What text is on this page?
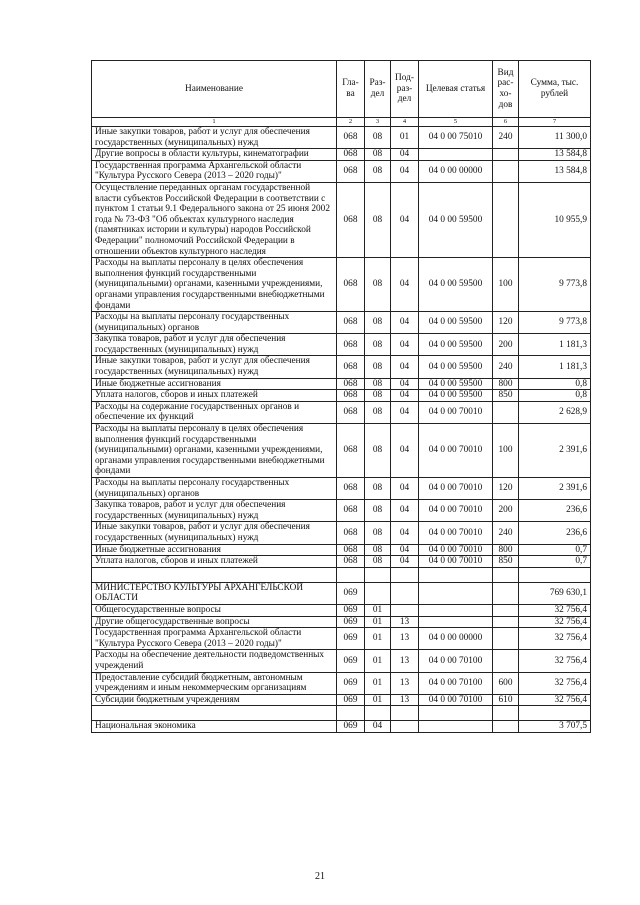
Наименование	Гла- ва	Раз- дел	Под- раз- дел	Целевая статья	Вид рас- хо- дов	Сумма, тыс. рублей
1	2	3	4	5	6	7
Иные закупки товаров, работ и услуг для обеспечения государственных (муниципальных) нужд	068	08	01	04 0 00 75010	240	11 300,0
Другие вопросы в области культуры, кинематографии	068	08	04			13 584,8
Государственная программа Архангельской области "Культура Русского Севера (2013 – 2020 годы)"	068	08	04	04 0 00 00000		13 584,8
Осуществление переданных органам государственной власти субъектов Российской Федерации в соответствии с пунктом 1 статьи 9.1 Федерального закона от 25 июня 2002 года № 73-ФЗ "Об объектах культурного наследия (памятниках истории и культуры) народов Российской Федерации" полномочий Российской Федерации в отношении объектов культурного наследия	068	08	04	04 0 00 59500		10 955,9
Расходы на выплаты персоналу в целях обеспечения выполнения функций государственными (муниципальными) органами, казенными учреждениями, органами управления государственными внебюджетными фондами	068	08	04	04 0 00 59500	100	9 773,8
Расходы на выплаты персоналу государственных (муниципальных) органов	068	08	04	04 0 00 59500	120	9 773,8
Закупка товаров, работ и услуг для обеспечения государственных (муниципальных) нужд	068	08	04	04 0 00 59500	200	1 181,3
Иные закупки товаров, работ и услуг для обеспечения государственных (муниципальных) нужд	068	08	04	04 0 00 59500	240	1 181,3
Иные бюджетные ассигнования	068	08	04	04 0 00 59500	800	0,8
Уплата налогов, сборов и иных платежей	068	08	04	04 0 00 59500	850	0,8
Расходы на содержание государственных органов и обеспечение их функций	068	08	04	04 0 00 70010		2 628,9
Расходы на выплаты персоналу в целях обеспечения выполнения функций государственными (муниципальными) органами, казенными учреждениями, органами управления государственными внебюджетными фондами	068	08	04	04 0 00 70010	100	2 391,6
Расходы на выплаты персоналу государственных (муниципальных) органов	068	08	04	04 0 00 70010	120	2 391,6
Закупка товаров, работ и услуг для обеспечения государственных (муниципальных) нужд	068	08	04	04 0 00 70010	200	236,6
Иные закупки товаров, работ и услуг для обеспечения государственных (муниципальных) нужд	068	08	04	04 0 00 70010	240	236,6
Иные бюджетные ассигнования	068	08	04	04 0 00 70010	800	0,7
Уплата налогов, сборов и иных платежей	068	08	04	04 0 00 70010	850	0,7

МИНИСТЕРСТВО КУЛЬТУРЫ АРХАНГЕЛЬСКОЙ ОБЛАСТИ	069					769 630,1
Общегосударственные вопросы	069	01				32 756,4
Другие общегосударственные вопросы	069	01	13			32 756,4
Государственная программа Архангельской области "Культура Русского Севера (2013 – 2020 годы)"	069	01	13	04 0 00 00000		32 756,4
Расходы на обеспечение деятельности подведомственных учреждений	069	01	13	04 0 00 70100		32 756,4
Предоставление субсидий бюджетным, автономным учреждениям и иным некоммерческим организациям	069	01	13	04 0 00 70100	600	32 756,4
Субсидии бюджетным учреждениям	069	01	13	04 0 00 70100	610	32 756,4

Национальная экономика	069	04				3 707,5
21
